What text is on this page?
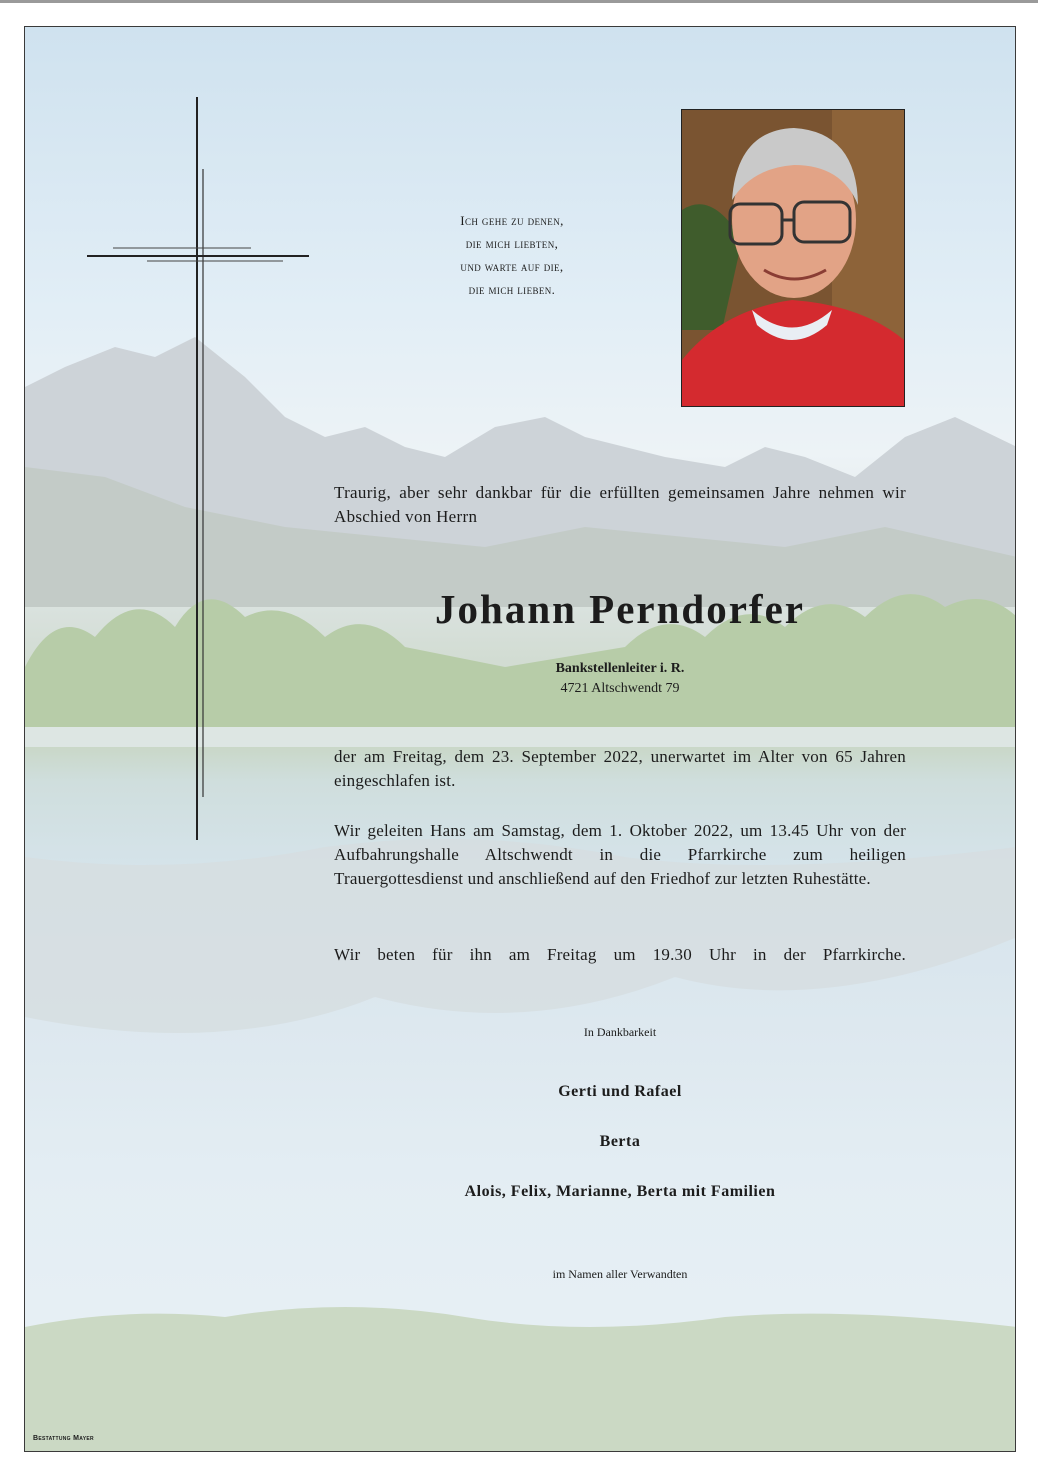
Ich gehe zu denen,
die mich liebten,
und warte auf die,
die mich lieben.
Traurig, aber sehr dankbar für die erfüllten gemeinsamen Jahre nehmen wir Abschied von Herrn
Johann Perndorfer
Bankstellenleiter i. R.
4721 Altschwendt 79
der am Freitag, dem 23. September 2022, unerwartet im Alter von 65 Jahren eingeschlafen ist.
Wir geleiten Hans am Samstag, dem 1. Oktober 2022, um 13.45 Uhr von der Aufbahrungshalle Altschwendt in die Pfarrkirche zum heiligen Trauergottesdienst und anschließend auf den Friedhof zur letzten Ruhestätte.
Wir beten für ihn am Freitag um 19.30 Uhr in der Pfarrkirche.
In Dankbarkeit
Gerti und Rafael
Berta
Alois, Felix, Marianne, Berta mit Familien
im Namen aller Verwandten
Bestattung Mayer
